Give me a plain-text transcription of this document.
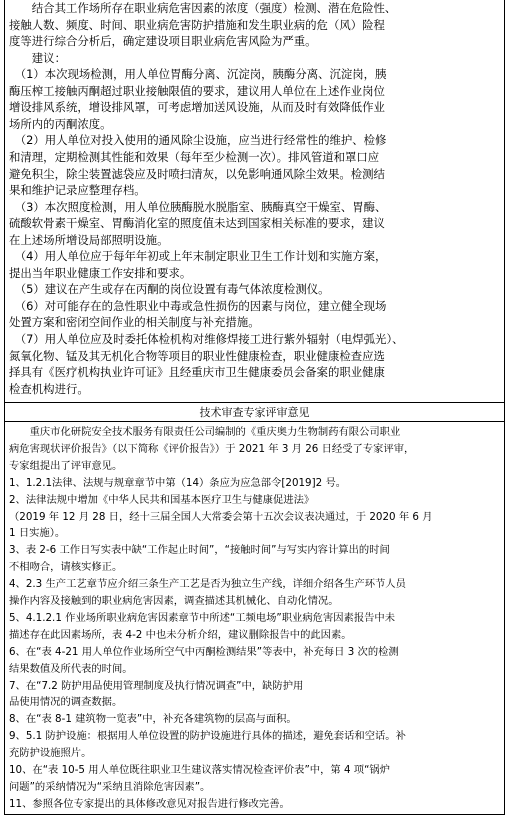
　　结合其工作场所存在职业病危害因素的浓度（强度）检测、潜在危险性、
接触人数、频度、时间、职业病危害防护措施和发生职业病的危（风）险程
度等进行综合分析后，确定建设项目职业病危害风险为严重。
　　建议：
　（1）本次现场检测，用人单位胃酶分离、沉淀岗，胰酶分离、沉淀岗，胰
酶压榨工接触丙酮超过职业接触限值的要求，建议用人单位在上述作业岗位
增设排风系统，增设排风罩，可考虑增加送风设施，从而及时有效降低作业
场所内的丙酮浓度。
　（2）用人单位对投入使用的通风除尘设施，应当进行经常性的维护、检修
和清理，定期检测其性能和效果（每年至少检测一次）。排风管道和罩口应
避免积尘，除尘装置滤袋应及时喷扫清灰，以免影响通风除尘效果。检测结
果和维护记录应整理存档。
　（3）本次照度检测，用人单位胰酶脱水脱脂室、胰酶真空干燥室、胃酶、
硫酸软骨素干燥室、胃酶消化室的照度值未达到国家相关标准的要求，建议
在上述场所增设局部照明设施。
　（4）用人单位应于每年年初或上年末制定职业卫生工作计划和实施方案，
提出当年职业健康工作安排和要求。
　（5）建议在产生或存在丙酮的岗位设置有毒气体浓度检测仪。
　（6）对可能存在的急性职业中毒或急性损伤的因素与岗位，建立健全现场
处置方案和密闭空间作业的相关制度与补充措施。
　（7）用人单位应及时委托体检机构对维修焊接工进行紫外辐射（电焊弧光）、
氮氧化物、锰及其无机化合物等项目的职业性健康检查，职业健康检查应选
择具有《医疗机构执业许可证》且经重庆市卫生健康委员会备案的职业健康
检查机构进行。
技术审查专家评审意见
　　重庆市化研院安全技术服务有限责任公司编制的《重庆奥力生物制药有限公司职业
病危害现状评价报告》（以下简称《评价报告》）于 2021 年 3 月 26 日经受了专家评审，
专家组提出了评审意见。
1、1.2.1法律、法规与规章章节中第（14）条应为应急部令[2019]2 号。
2、法律法规中增加《中华人民共和国基本医疗卫生与健康促进法》
（2019 年 12 月 28 日，经十三届全国人大常委会第十五次会议表决通过，于 2020 年 6 月
1 日实施）。
3、表 2-6 工作日写实表中缺“工作起止时间”，“接触时间”与写实内容计算出的时间
不相吻合，请核实修正。
4、2.3 生产工艺章节应介绍三条生产工艺是否为独立生产线，详细介绍各生产环节人员
操作内容及接触到的职业病危害因素，调查描述其机械化、自动化情况。
5、4.1.2.1 作业场所职业病危害因素章节中所述“工频电场”职业病危害因素报告中未
描述存在此因素场所，表 4-2 中也未分析介绍，建议删除报告中的此因素。
6、在“表 4-21 用人单位作业场所空气中丙酮检测结果”等表中，补充每日 3 次的检测
结果数值及所代表的时间。
7、在“7.2 防护用品使用管理制度及执行情况调查”中，缺防护用
品使用情况的调查数据。
8、在“表 8-1 建筑物一览表”中，补充各建筑物的层高与面积。
9、5.1 防护设施：根据用人单位设置的防护设施进行具体的描述，避免套话和空话。补
充防护设施照片。
10、在“表 10-5 用人单位既往职业卫生建议落实情况检查评价表”中，第 4 项“锅炉
问题”的采纳情况为“采纳且消除危害因素”。
11、参照各位专家提出的具体修改意见对报告进行修改完善。
